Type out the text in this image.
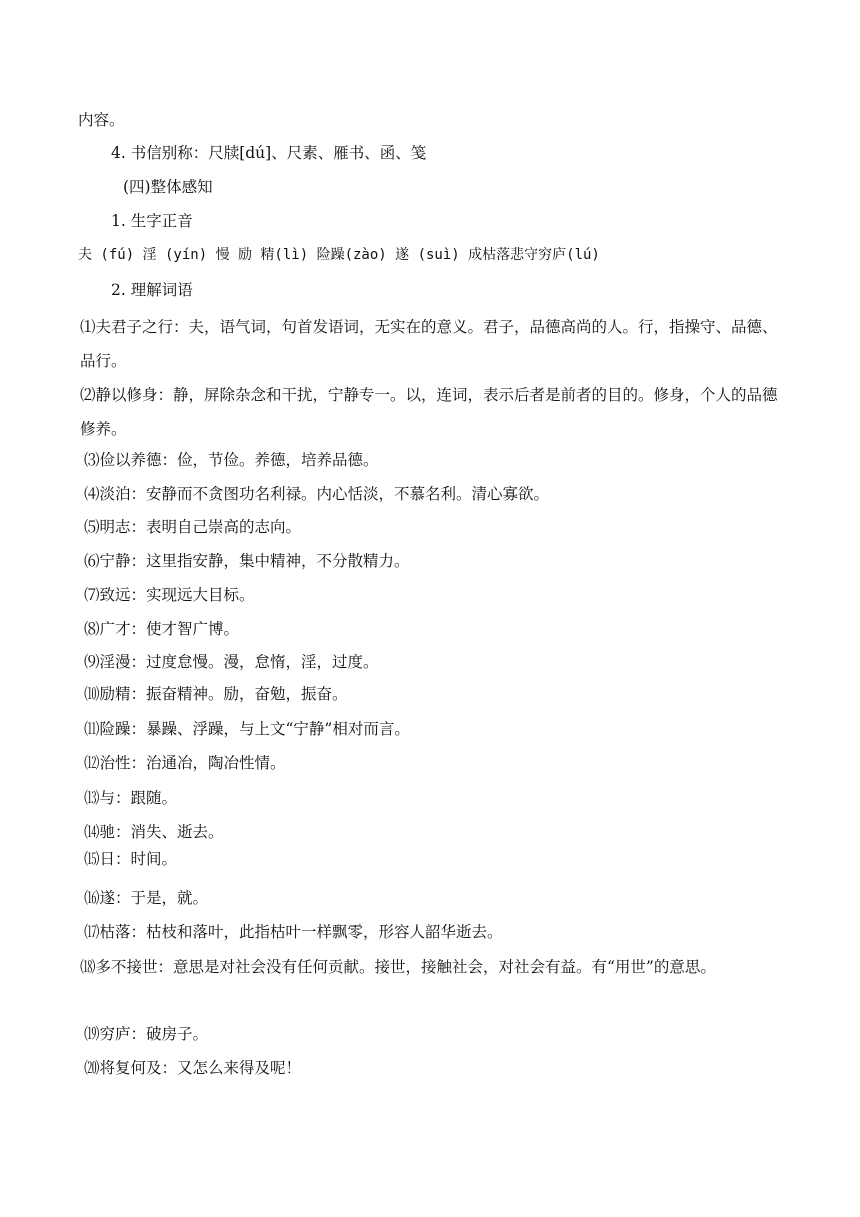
内容。
4. 书信别称：尺牍[dú]、尺素、雁书、函、笺
(四)整体感知
1. 生字正音
夫 (fú) 淫 (yín) 慢 励 精(lì) 险躁(zào) 遂 (suì) 成枯落悲守穷庐(lú)
2. 理解词语
⑴夫君子之行：夫，语气词，句首发语词，无实在的意义。君子，品德高尚的人。行，指操守、品德、品行。
⑵静以修身：静，屏除杂念和干扰，宁静专一。以，连词，表示后者是前者的目的。修身，个人的品德修养。
⑶俭以养德：俭，节俭。养德，培养品德。
⑷淡泊：安静而不贪图功名利禄。内心恬淡，不慕名利。清心寡欲。
⑸明志：表明自己崇高的志向。
⑹宁静：这里指安静，集中精神，不分散精力。
⑺致远：实现远大目标。
⑻广才：使才智广博。
⑼淫漫：过度怠慢。漫，怠惰，淫，过度。
⑽励精：振奋精神。励，奋勉，振奋。
⑾险躁：暴躁、浮躁，与上文“宁静”相对而言。
⑿治性：治通冶，陶冶性情。
⒀与：跟随。
⒁驰：消失、逝去。
⒂日：时间。
⒃遂：于是，就。
⒄枯落：枯枝和落叶，此指枯叶一样飘零，形容人韶华逝去。
⒅多不接世：意思是对社会没有任何贡献。接世，接触社会，对社会有益。有“用世”的意思。
⒆穷庐：破房子。
⒇将复何及：又怎么来得及呢！
